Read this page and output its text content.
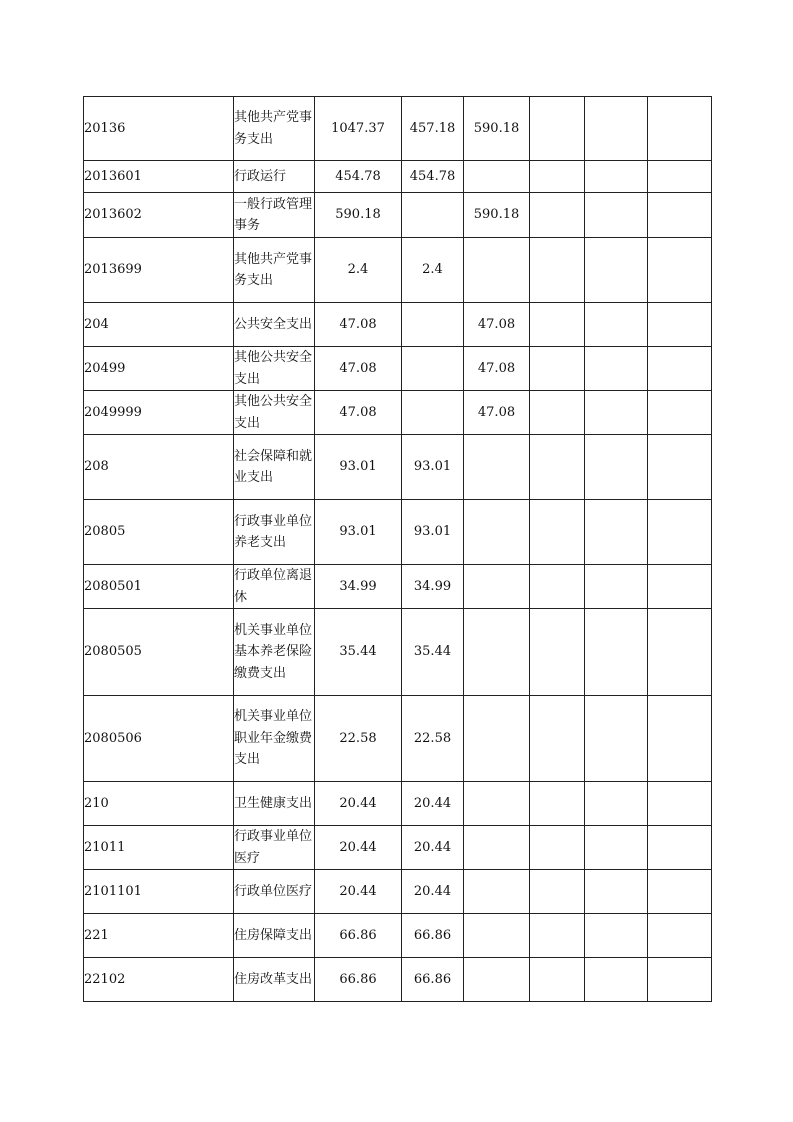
20136	其他共产党事务支出	1047.37	457.18	590.18			
2013601	行政运行	454.78	454.78				
2013602	一般行政管理事务	590.18		590.18			
2013699	其他共产党事务支出	2.4	2.4				
204	公共安全支出	47.08		47.08			
20499	其他公共安全支出	47.08		47.08			
2049999	其他公共安全支出	47.08		47.08			
208	社会保障和就业支出	93.01	93.01				
20805	行政事业单位养老支出	93.01	93.01				
2080501	行政单位离退休	34.99	34.99				
2080505	机关事业单位基本养老保险缴费支出	35.44	35.44				
2080506	机关事业单位职业年金缴费支出	22.58	22.58				
210	卫生健康支出	20.44	20.44				
21011	行政事业单位医疗	20.44	20.44				
2101101	行政单位医疗	20.44	20.44				
221	住房保障支出	66.86	66.86				
22102	住房改革支出	66.86	66.86				
